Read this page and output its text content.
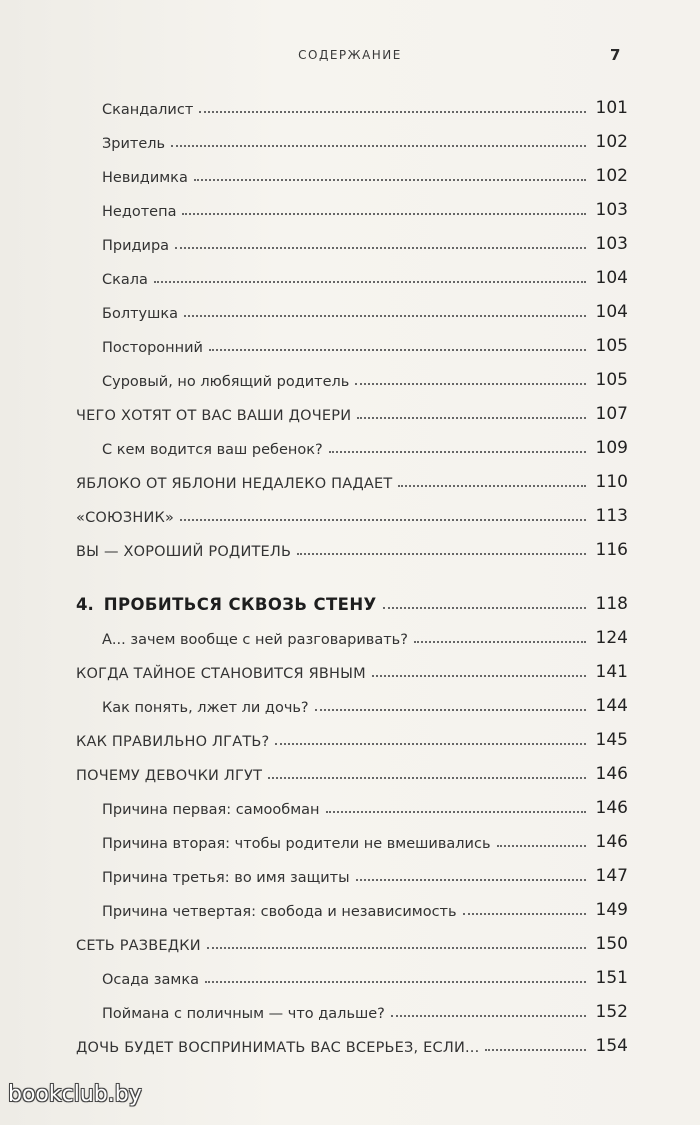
СОДЕРЖАНИЕ	7
Скандалист	101
Зритель	102
Невидимка	102
Недотепа	103
Придира	103
Скала	104
Болтушка	104
Посторонний	105
Суровый, но любящий родитель	105
ЧЕГО ХОТЯТ ОТ ВАС ВАШИ ДОЧЕРИ	107
С кем водится ваш ребенок?	109
ЯБЛОКО ОТ ЯБЛОНИ НЕДАЛЕКО ПАДАЕТ	110
«СОЮЗНИК»	113
ВЫ — ХОРОШИЙ РОДИТЕЛЬ	116
4. ПРОБИТЬСЯ СКВОЗЬ СТЕНУ	118
А... зачем вообще с ней разговаривать?	124
КОГДА ТАЙНОЕ СТАНОВИТСЯ ЯВНЫМ	141
Как понять, лжет ли дочь?	144
КАК ПРАВИЛЬНО ЛГАТЬ?	145
ПОЧЕМУ ДЕВОЧКИ ЛГУТ	146
Причина первая: самообман	146
Причина вторая: чтобы родители не вмешивались	146
Причина третья: во имя защиты	147
Причина четвертая: свобода и независимость	149
СЕТЬ РАЗВЕДКИ	150
Осада замка	151
Поймана с поличным — что дальше?	152
ДОЧЬ БУДЕТ ВОСПРИНИМАТЬ ВАС ВСЕРЬЕЗ, ЕСЛИ...	154
bookclub.by
